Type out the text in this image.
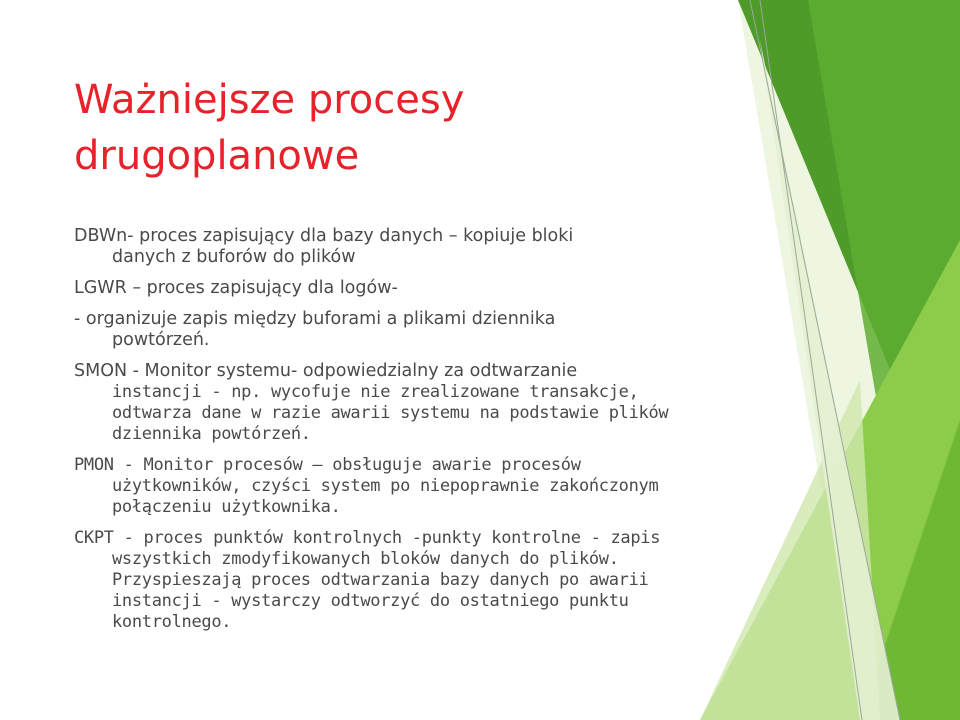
Ważniejsze procesy
drugoplanowe

DBWn- proces zapisujący dla bazy danych – kopiuje bloki
danych z buforów do plików

LGWR – proces zapisujący dla logów-

- organizuje zapis między buforami a plikami dziennika
powtórzeń.

SMON - Monitor systemu- odpowiedzialny za odtwarzanie
instancji - np. wycofuje nie zrealizowane transakcje,
odtwarza dane w razie awarii systemu na podstawie plików
dziennika powtórzeń.

PMON - Monitor procesów – obsługuje awarie procesów
użytkowników, czyści system po niepoprawnie zakończonym
połączeniu użytkownika.

CKPT - proces punktów kontrolnych -punkty kontrolne - zapis
wszystkich zmodyfikowanych bloków danych do plików.
Przyspieszają proces odtwarzania bazy danych po awarii
instancji - wystarczy odtworzyć do ostatniego punktu
kontrolnego.
